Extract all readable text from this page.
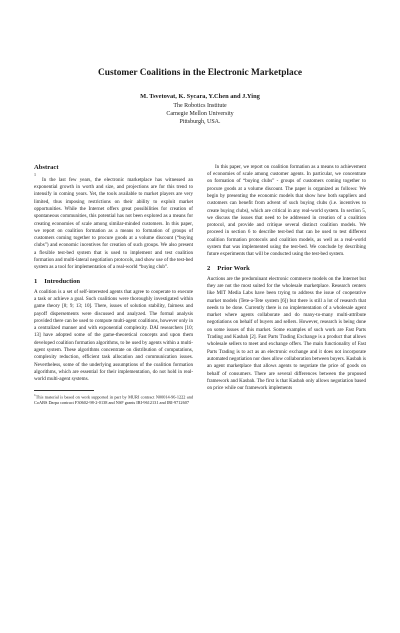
Customer Coalitions in the Electronic Marketplace
M. Tsvetovat, K. Sycara, Y.Chen and J.Ying
The Robotics Institute
Carnegie Mellon University
Pittsburgh, USA.
Abstract
1

In the last few years, the electronic marketplace has witnessed an exponential growth in worth and size, and projections are for this trend to intensify in coming years. Yet, the tools available to market players are very limited, thus imposing restrictions on their ability to exploit market opportunities. While the Internet offers great possibilities for creation of spontaneous communities, this potential has not been explored as a means for creating economies of scale among similar-minded customers. In this paper, we report on coalition formation as a means to formation of groups of customers coming together to procure goods at a volume discount (“buying clubs”) and economic incentives for creation of such groups. We also present a flexible test-bed system that is used to implement and test coalition formation and multi-lateral negotiation protocols, and show use of the test-bed system as a tool for implementation of a real-world “buying club”.

1 Introduction

A coalition is a set of self-interested agents that agree to cooperate to execute a task or achieve a goal. Such coalitions were thoroughly investigated within game theory [8; 9; 13; 10]. There, issues of solution stability, fairness and payoff dispersements were discussed and analyzed. The formal analysis provided there can be used to compute multi-agent coalitions, however only in a centralized manner and with exponential complexity. DAI researchers [10; 13] have adopted some of the game-theoretical concepts and upon them developed coalition formation algorithms, to be used by agents within a multi-agent system. These algorithms concentrate on distribution of computations, complexity reduction, efficient task allocation and communication issues. Nevertheless, some of the underlying assumptions of the coalition formation algorithms, which are essential for their implementation, do not hold in real-world multi-agent systems.

$^1$This material is based on work supported in part by MURI contract N00014-96-1222 and CoABS Darpa contract F30602-98-2-0138 and NSF grants IRI-9612131 and IRI-9712607

In this paper, we report on coalition formation as a means to achievement of economies of scale among customer agents. In particular, we concentrate on formation of “buying clubs” - groups of customers coming together to procure goods at a volume discount. The paper is organized as follows: We begin by presenting the economic models that show how both suppliers and customers can benefit from advent of such buying clubs (i.e. incentives to create buying clubs), which are critical in any real-world system. In section 5, we discuss the issues that need to be addressed in creation of a coalition protocol, and provide and critique several distinct coalition models. We proceed in section 6 to describe test-bed that can be used to test different coalition formation protocols and coalition models, as well as a real-world system that was implemented using the test-bed. We conclude by describing future experiments that will be conducted using the test-bed system.

2 Prior Work

Auctions are the predominant electronic commerce models on the Internet but they are not the most suited for the wholesale marketplace. Research centers like MIT Media Labs have been trying to address the issue of cooperative market models (Tete-a-Tete system [6]) but there is still a lot of research that needs to be done. Currently there is no implementation of a wholesale agent market where agents collaborate and do many-to-many multi-attribute negotiations on behalf of buyers and sellers. However, research is being done on some issues of this market. Some examples of such work are Fast Parts Trading and Kasbah [2]. Fast Parts Trading Exchange is a product that allows wholesale sellers to meet and exchange offers. The main functionality of Fast Parts Trading is to act as an electronic exchange and it does not incorporate automated negotiation nor does allow collaboration between buyers. Kasbah is an agent marketplace that allows agents to negotiate the price of goods on behalf of consumers. There are several differences between the proposed framework and Kasbah. The first is that Kasbah only allows negotiation based on price while our framework implements
